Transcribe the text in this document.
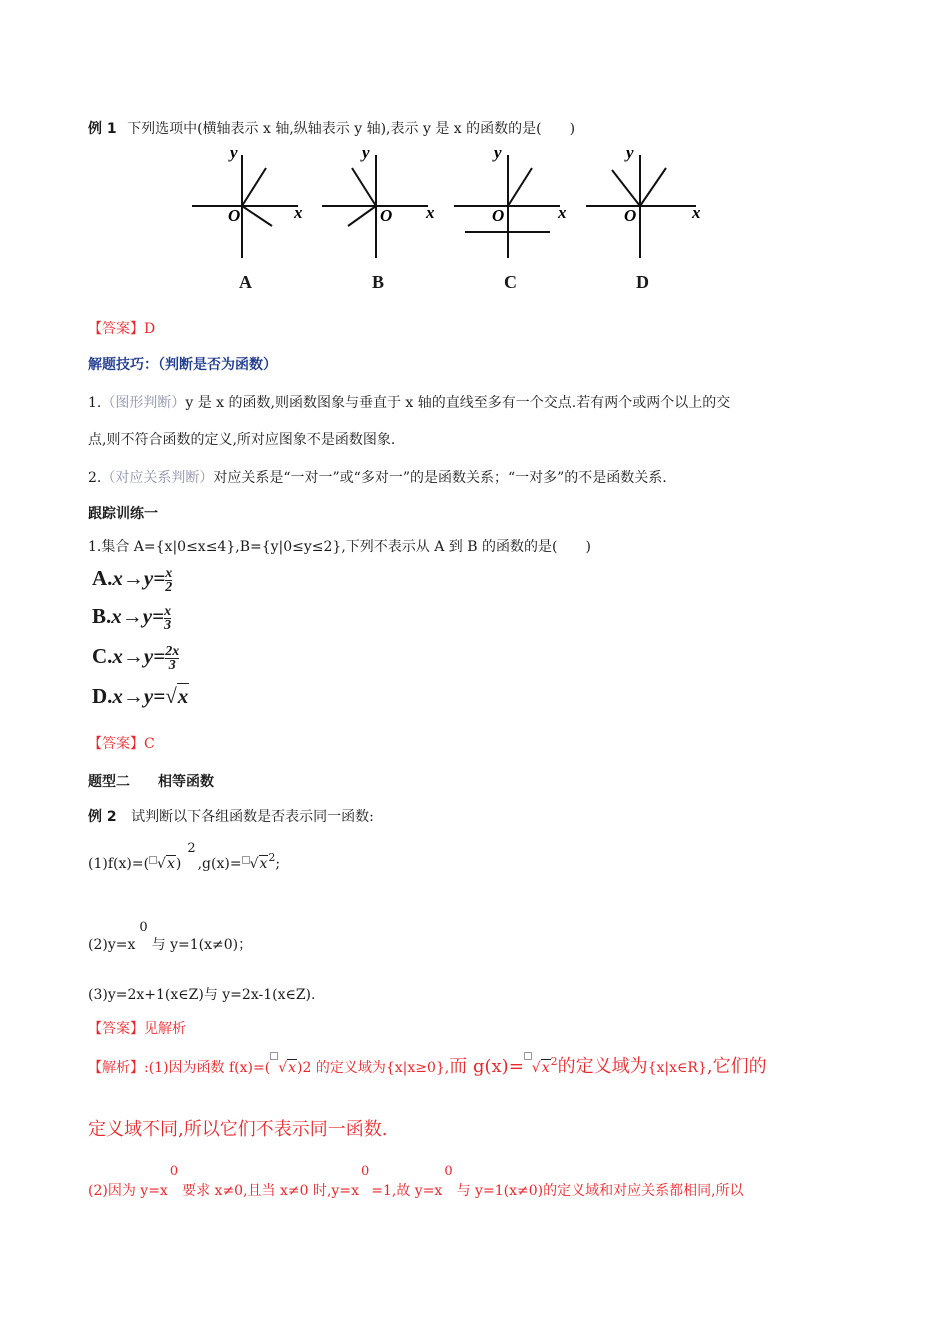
例 1 下列选项中(横轴表示 x 轴,纵轴表示 y 轴),表示 y 是 x 的函数的是(　　)
y
O	x
y
O x
y
O	x
y
O	x
A	B	C	D
【答案】D
解题技巧：（判断是否为函数）
1.（图形判断）y 是 x 的函数,则函数图象与垂直于 x 轴的直线至多有一个交点.若有两个或两个以上的交
点,则不符合函数的定义,所对应图象不是函数图象.
2.（对应关系判断）对应关系是“一对一”或“多对一”的是函数关系；“一对多”的不是函数关系.
跟踪训练一
1.集合 A={x|0≤x≤4},B={y|0≤y≤2},下列不表示从 A 到 B 的函数的是(　　)
$A.x\to y= \frac{x}{2}$
$B.x\to y= \frac{x}{3}$
$C.x\to y= \frac{2x}{3}$
D.x→y=√x
【答案】C
题型二　　相等函数
例 2 试判断以下各组函数是否表示同一函数:
(1)f(x)=( $√x)2,g(x)= √x^2$;
(2)y=x0与 y=1(x≠0)；
(3)y=2x+1(x∈Z)与 y=2x-1(x∈Z).
【答案】见解析
【解析】:(1)因为函数 f(x)=( √x)2 的定义域为{x|x≥0},而 $g(x)= √x^2$的定义域为{x|x∈R},它们的
定义域不同,所以它们不表示同一函数.
(2)因为 y=x0要求 x≠0,且当 x≠0 时,y=x0=1,故 y=x0与 y=1(x≠0)的定义域和对应关系都相同,所以
